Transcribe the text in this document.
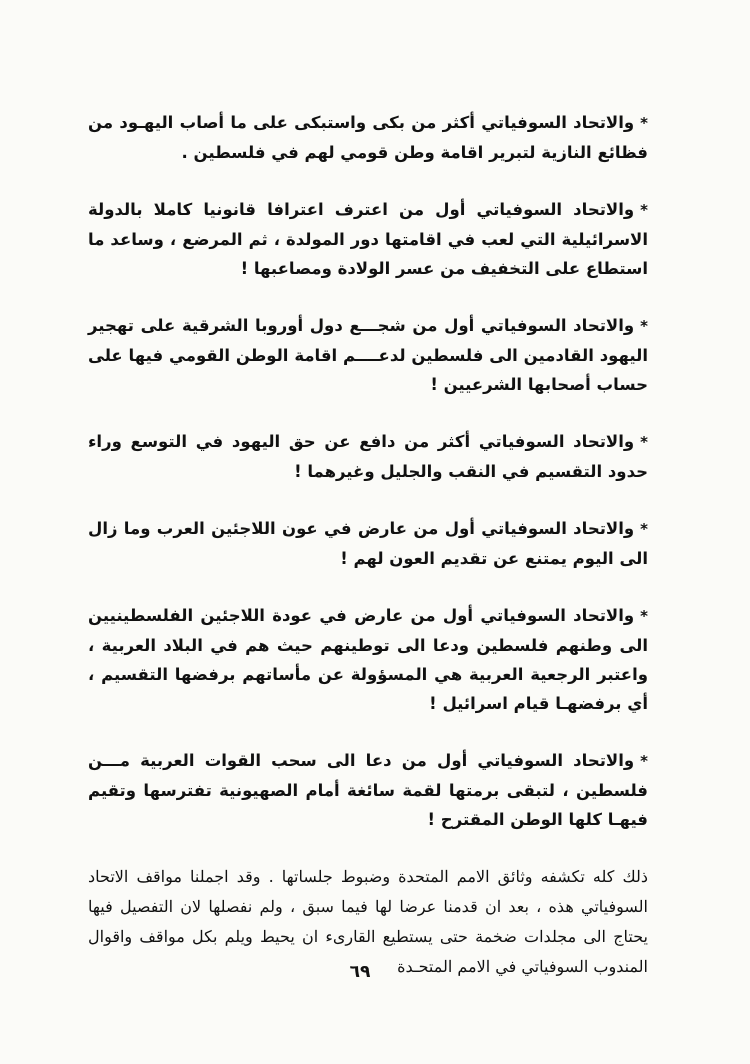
*والاتحاد السوفياتي أكثر من بكى واستبكى على ما أصاب اليهـود من فظائع النازية لتبرير اقامة وطن قومي لهم في فلسطين .

*والاتحاد السوفياتي أول من اعترف اعترافا قانونيا كاملا بالدولة الاسرائيلية التي لعب في اقامتها دور المولدة ، ثم المرضع ، وساعد ما استطاع على التخفيف من عسر الولادة ومصاعبها !

*والاتحاد السوفياتي أول من شجـــع دول أوروبا الشرقية على تهجير اليهود القادمين الى فلسطين لدعــــم اقامة الوطن القومي فيها على حساب أصحابها الشرعيين !

*والاتحاد السوفياتي أكثر من دافع عن حق اليهود في التوسع وراء حدود التقسيم في النقب والجليل وغيرهما !

*والاتحاد السوفياتي أول من عارض في عون اللاجئين العرب وما زال الى اليوم يمتنع عن تقديم العون لهم !

*والاتحاد السوفياتي أول من عارض في عودة اللاجئين الفلسطينيين الى وطنهم فلسطين ودعا الى توطينهم حيث هم في البلاد العربية ، واعتبر الرجعية العربية هي المسؤولة عن مأساتهم برفضها التقسيم ، أي برفضهـا قيام اسرائيل !

*والاتحاد السوفياتي أول من دعا الى سحب القوات العربية مـــن فلسطين ، لتبقى برمتها لقمة سائغة أمام الصهيونية تفترسها وتقيم فيهـا كلها الوطن المقترح !

ذلك كله تكشفه وثائق الامم المتحدة وضبوط جلساتها . وقد اجملنا مواقف الاتحاد السوفياتي هذه ، بعد ان قدمنا عرضا لها فيما سبق ، ولم نفصلها لان التفصيل فيها يحتاج الى مجلدات ضخمة حتى يستطيع القارىء ان يحيط ويلم بكل مواقف واقوال المندوب السوفياتي في الامم المتحـدة

٦٩
